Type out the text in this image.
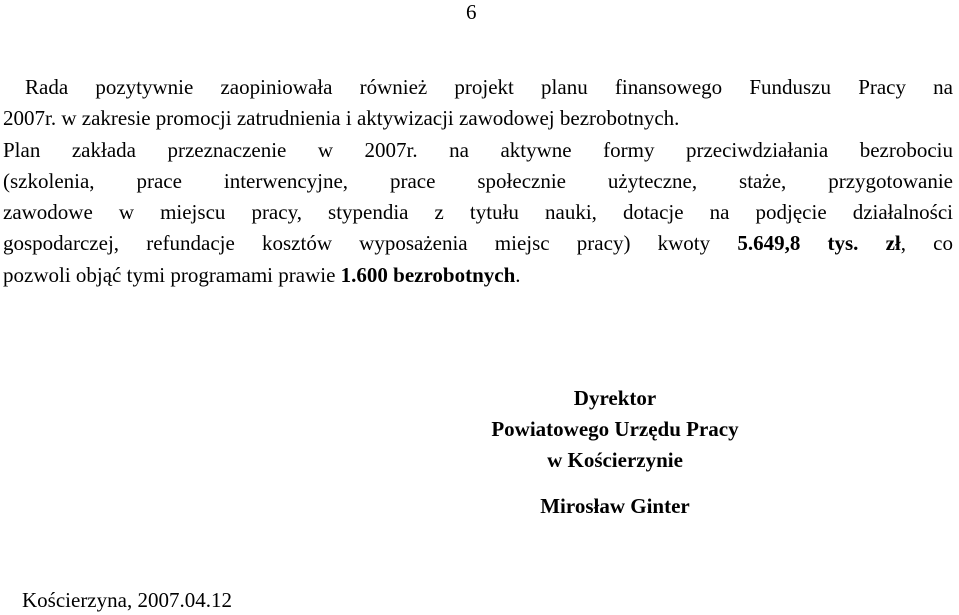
6
Rada pozytywnie zaopiniowała również projekt planu finansowego Funduszu Pracy na
2007r. w zakresie promocji zatrudnienia i aktywizacji zawodowej bezrobotnych.
Plan zakłada przeznaczenie w 2007r. na aktywne formy przeciwdziałania bezrobociu
(szkolenia, prace interwencyjne, prace społecznie użyteczne, staże, przygotowanie
zawodowe w miejscu pracy, stypendia z tytułu nauki, dotacje na podjęcie działalności
gospodarczej, refundacje kosztów wyposażenia miejsc pracy) kwoty 5.649,8 tys. zł, co
pozwoli objąć tymi programami prawie 1.600 bezrobotnych.
Dyrektor
Powiatowego Urzędu Pracy
w Kościerzynie
Mirosław Ginter
Kościerzyna, 2007.04.12
